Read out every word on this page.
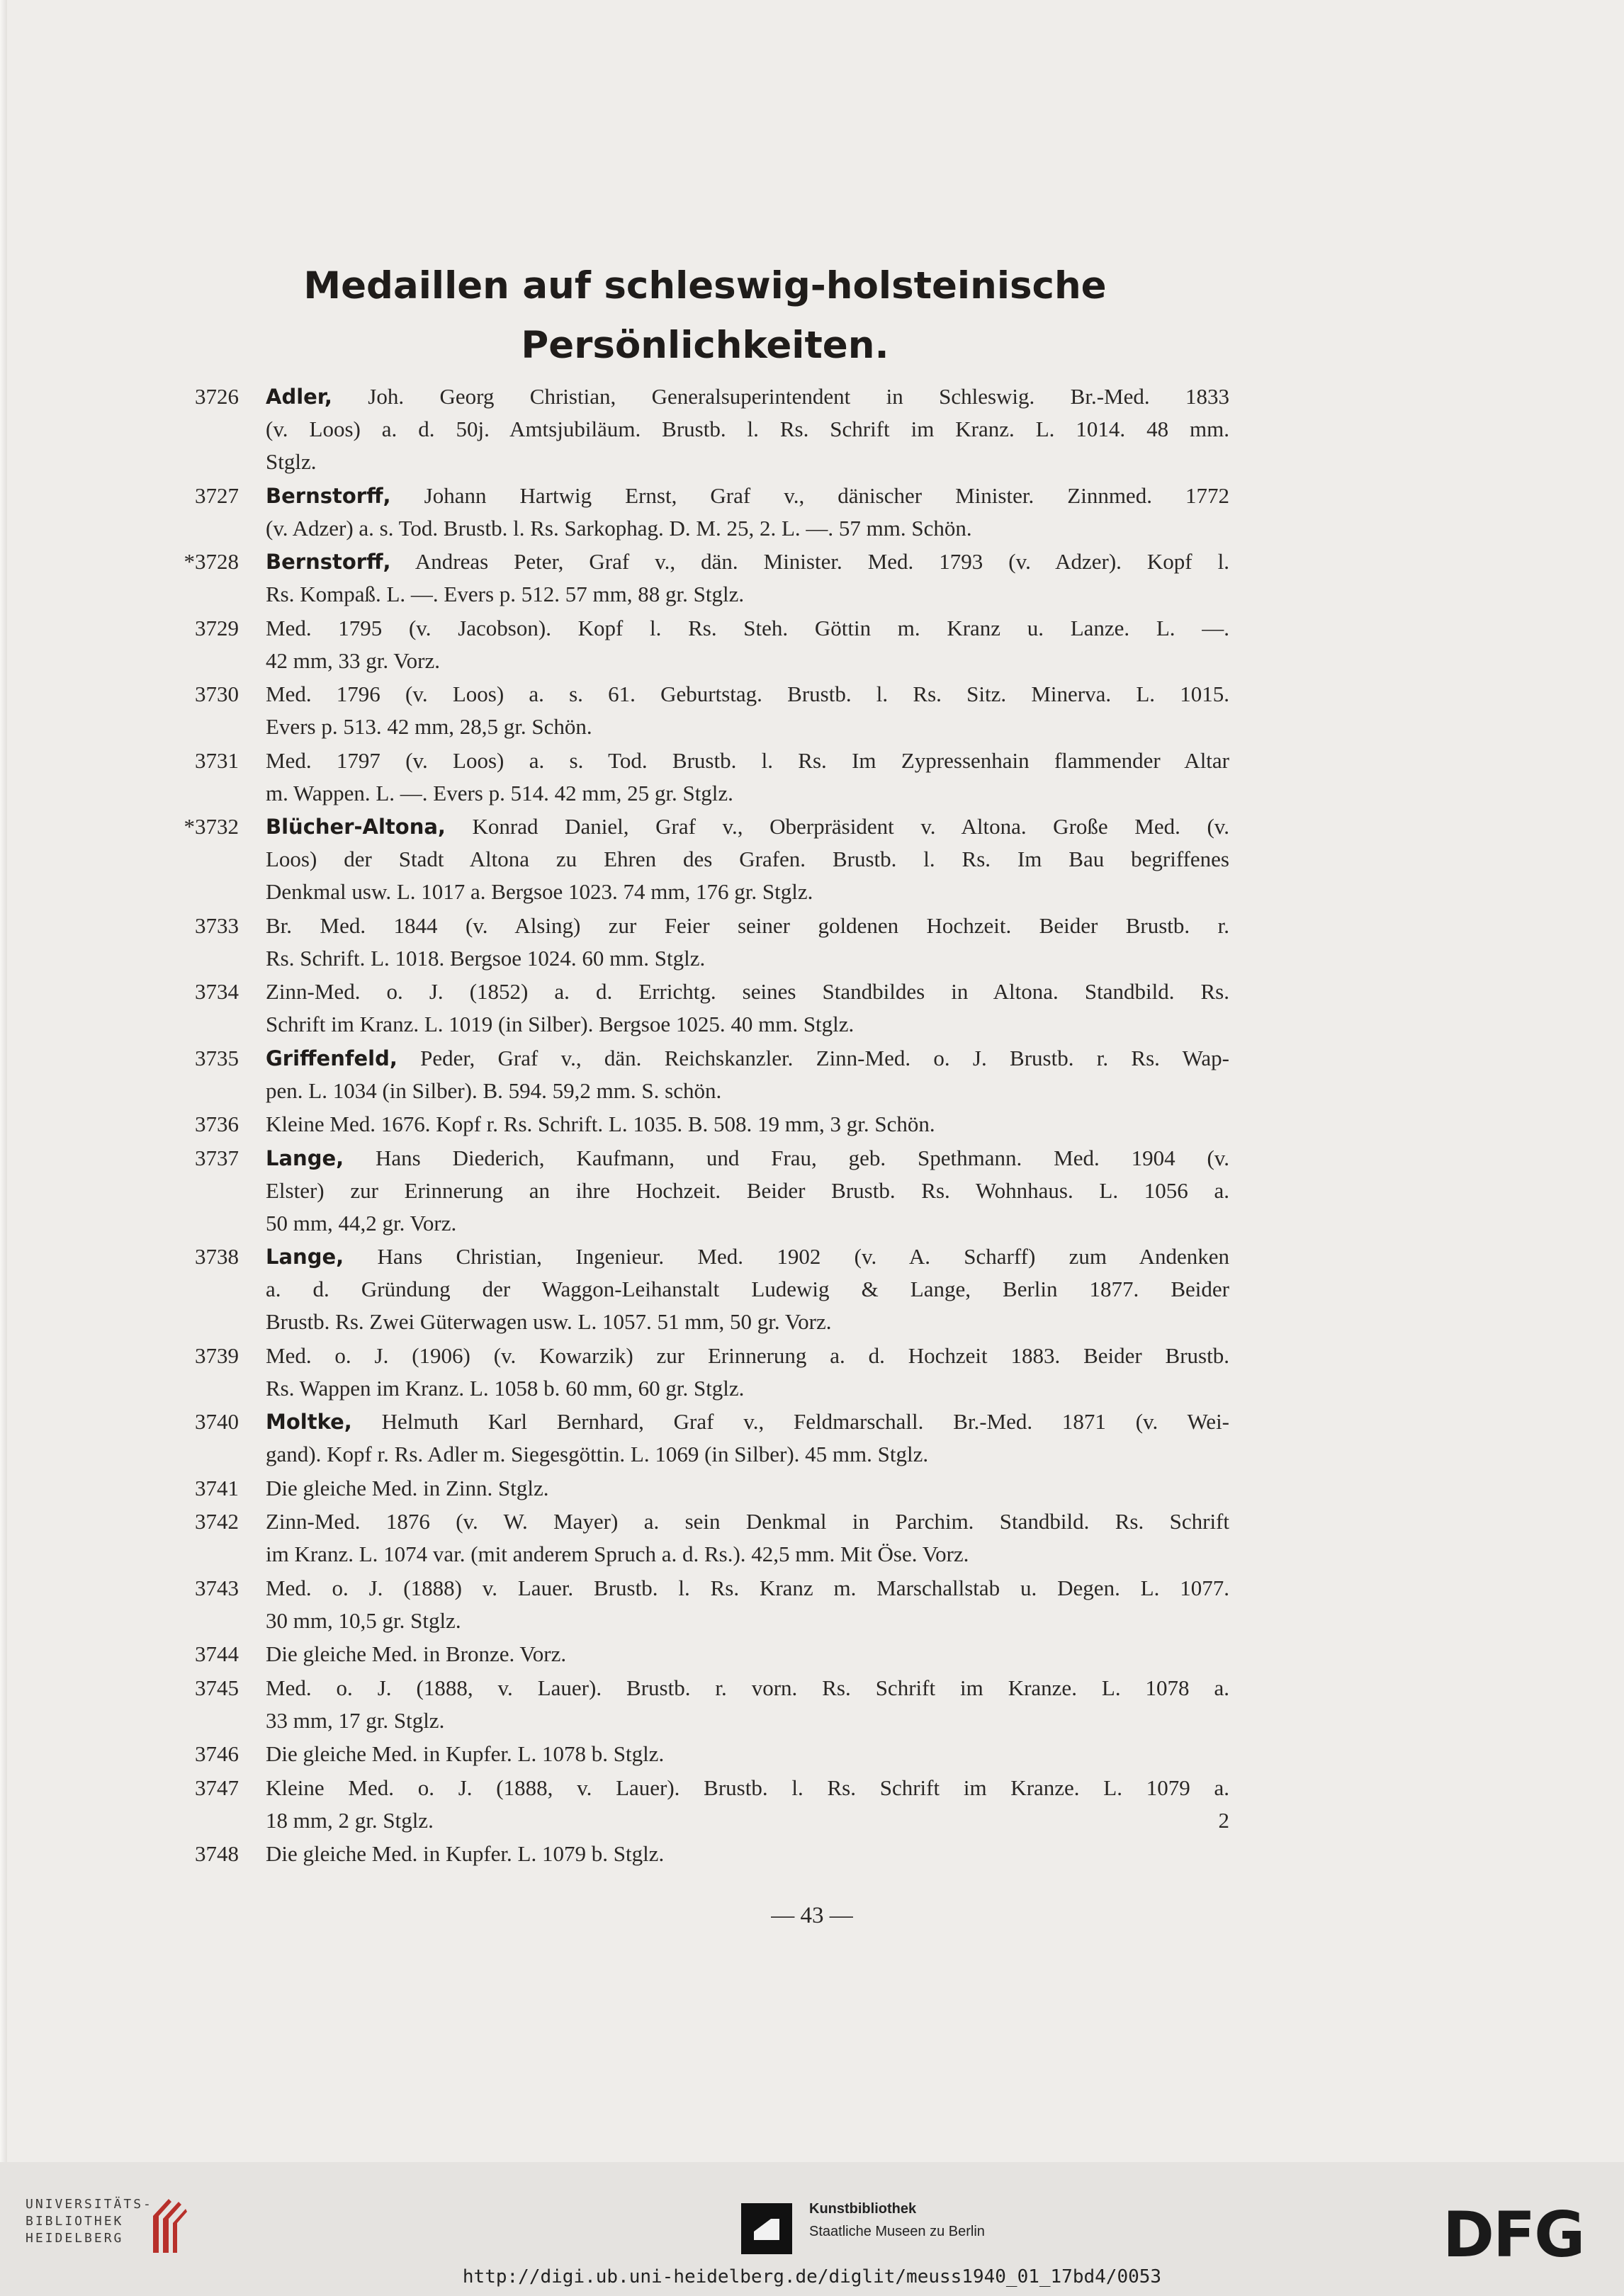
Medaillen auf schleswig-holsteinische
Persönlichkeiten.
3726 Adler, Joh. Georg Christian, Generalsuperintendent in Schleswig. Br.-Med. 1833
(v. Loos) a. d. 50j. Amtsjubiläum. Brustb. l. Rs. Schrift im Kranz. L. 1014. 48 mm.
Stglz.
3727 Bernstorff, Johann Hartwig Ernst, Graf v., dänischer Minister. Zinnmed. 1772
(v. Adzer) a. s. Tod. Brustb. l. Rs. Sarkophag. D. M. 25, 2. L. —. 57 mm. Schön.
*3728 Bernstorff, Andreas Peter, Graf v., dän. Minister. Med. 1793 (v. Adzer). Kopf l.
Rs. Kompaß. L. —. Evers p. 512. 57 mm, 88 gr. Stglz.
3729 Med. 1795 (v. Jacobson). Kopf l. Rs. Steh. Göttin m. Kranz u. Lanze. L. —.
42 mm, 33 gr. Vorz.
3730 Med. 1796 (v. Loos) a. s. 61. Geburtstag. Brustb. l. Rs. Sitz. Minerva. L. 1015.
Evers p. 513. 42 mm, 28,5 gr. Schön.
3731 Med. 1797 (v. Loos) a. s. Tod. Brustb. l. Rs. Im Zypressenhain flammender Altar
m. Wappen. L. —. Evers p. 514. 42 mm, 25 gr. Stglz.
*3732 Blücher-Altona, Konrad Daniel, Graf v., Oberpräsident v. Altona. Große Med. (v.
Loos) der Stadt Altona zu Ehren des Grafen. Brustb. l. Rs. Im Bau begriffenes
Denkmal usw. L. 1017 a. Bergsoe 1023. 74 mm, 176 gr. Stglz.
3733 Br. Med. 1844 (v. Alsing) zur Feier seiner goldenen Hochzeit. Beider Brustb. r.
Rs. Schrift. L. 1018. Bergsoe 1024. 60 mm. Stglz.
3734 Zinn-Med. o. J. (1852) a. d. Errichtg. seines Standbildes in Altona. Standbild. Rs.
Schrift im Kranz. L. 1019 (in Silber). Bergsoe 1025. 40 mm. Stglz.
3735 Griffenfeld, Peder, Graf v., dän. Reichskanzler. Zinn-Med. o. J. Brustb. r. Rs. Wap-
pen. L. 1034 (in Silber). B. 594. 59,2 mm. S. schön.
3736 Kleine Med. 1676. Kopf r. Rs. Schrift. L. 1035. B. 508. 19 mm, 3 gr. Schön.
3737 Lange, Hans Diederich, Kaufmann, und Frau, geb. Spethmann. Med. 1904 (v.
Elster) zur Erinnerung an ihre Hochzeit. Beider Brustb. Rs. Wohnhaus. L. 1056 a.
50 mm, 44,2 gr. Vorz.
3738 Lange, Hans Christian, Ingenieur. Med. 1902 (v. A. Scharff) zum Andenken
a. d. Gründung der Waggon-Leihanstalt Ludewig & Lange, Berlin 1877. Beider
Brustb. Rs. Zwei Güterwagen usw. L. 1057. 51 mm, 50 gr. Vorz.
3739 Med. o. J. (1906) (v. Kowarzik) zur Erinnerung a. d. Hochzeit 1883. Beider Brustb.
Rs. Wappen im Kranz. L. 1058 b. 60 mm, 60 gr. Stglz.
3740 Moltke, Helmuth Karl Bernhard, Graf v., Feldmarschall. Br.-Med. 1871 (v. Wei-
gand). Kopf r. Rs. Adler m. Siegesgöttin. L. 1069 (in Silber). 45 mm. Stglz.
3741 Die gleiche Med. in Zinn. Stglz.
3742 Zinn-Med. 1876 (v. W. Mayer) a. sein Denkmal in Parchim. Standbild. Rs. Schrift
im Kranz. L. 1074 var. (mit anderem Spruch a. d. Rs.). 42,5 mm. Mit Öse. Vorz.
3743 Med. o. J. (1888) v. Lauer. Brustb. l. Rs. Kranz m. Marschallstab u. Degen. L. 1077.
30 mm, 10,5 gr. Stglz.
3744 Die gleiche Med. in Bronze. Vorz.
3745 Med. o. J. (1888, v. Lauer). Brustb. r. vorn. Rs. Schrift im Kranze. L. 1078 a.
33 mm, 17 gr. Stglz.
3746 Die gleiche Med. in Kupfer. L. 1078 b. Stglz.
3747 Kleine Med. o. J. (1888, v. Lauer). Brustb. l. Rs. Schrift im Kranze. L. 1079 a.
18 mm, 2 gr. Stglz.	2
3748 Die gleiche Med. in Kupfer. L. 1079 b. Stglz.
— 43 —
UNIVERSITÄTS-
BIBLIOTHEK
HEIDELBERG
Kunstbibliothek
Staatliche Museen zu Berlin	DFG
http://digi.ub.uni-heidelberg.de/diglit/meuss1940_01_17bd4/0053
